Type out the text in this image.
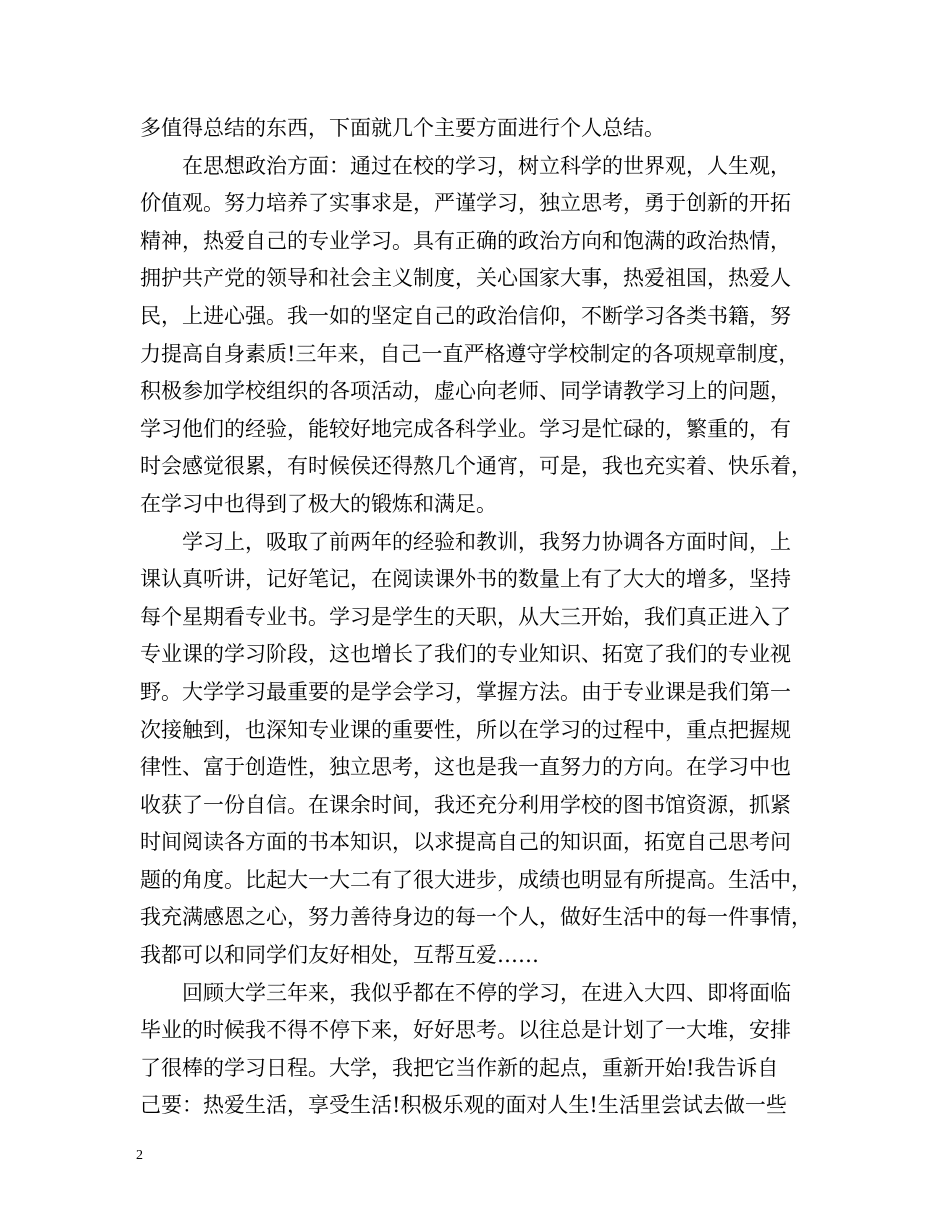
多值得总结的东西，下面就几个主要方面进行个人总结。
　　在思想政治方面：通过在校的学习，树立科学的世界观，人生观，
价值观。努力培养了实事求是，严谨学习，独立思考，勇于创新的开拓
精神，热爱自己的专业学习。具有正确的政治方向和饱满的政治热情，
拥护共产党的领导和社会主义制度，关心国家大事，热爱祖国，热爱人
民，上进心强。我一如的坚定自己的政治信仰，不断学习各类书籍，努
力提高自身素质!三年来，自己一直严格遵守学校制定的各项规章制度，
积极参加学校组织的各项活动，虚心向老师、同学请教学习上的问题，
学习他们的经验，能较好地完成各科学业。学习是忙碌的，繁重的，有
时会感觉很累，有时候侯还得熬几个通宵，可是，我也充实着、快乐着，
在学习中也得到了极大的锻炼和满足。
　　学习上，吸取了前两年的经验和教训，我努力协调各方面时间，上
课认真听讲，记好笔记，在阅读课外书的数量上有了大大的增多，坚持
每个星期看专业书。学习是学生的天职，从大三开始，我们真正进入了
专业课的学习阶段，这也增长了我们的专业知识、拓宽了我们的专业视
野。大学学习最重要的是学会学习，掌握方法。由于专业课是我们第一
次接触到，也深知专业课的重要性，所以在学习的过程中，重点把握规
律性、富于创造性，独立思考，这也是我一直努力的方向。在学习中也
收获了一份自信。在课余时间，我还充分利用学校的图书馆资源，抓紧
时间阅读各方面的书本知识，以求提高自己的知识面，拓宽自己思考问
题的角度。比起大一大二有了很大进步，成绩也明显有所提高。生活中，
我充满感恩之心，努力善待身边的每一个人，做好生活中的每一件事情，
我都可以和同学们友好相处，互帮互爱……
　　回顾大学三年来，我似乎都在不停的学习，在进入大四、即将面临
毕业的时候我不得不停下来，好好思考。以往总是计划了一大堆，安排
了很棒的学习日程。大学，我把它当作新的起点，重新开始!我告诉自
己要：热爱生活，享受生活!积极乐观的面对人生!生活里尝试去做一些
2
